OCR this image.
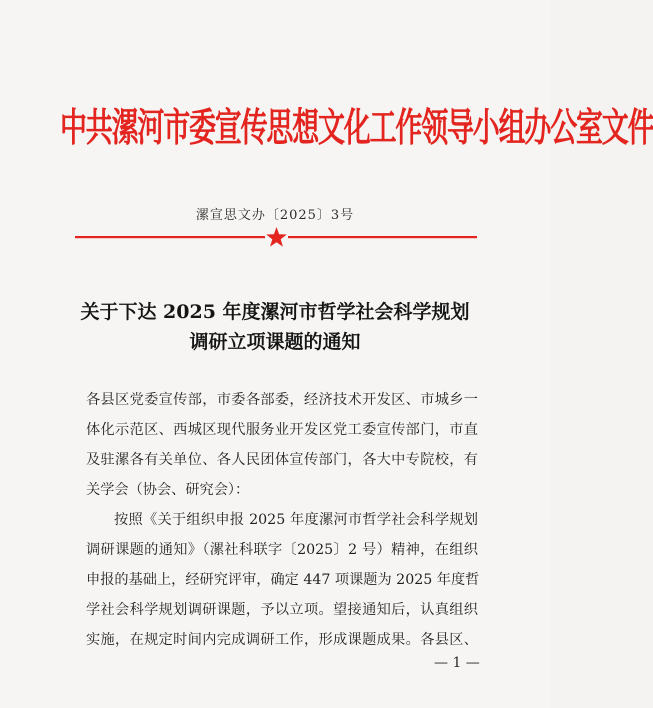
中共漯河市委宣传思想文化工作领导小组办公室文件
漯宣思文办〔2025〕3号
关于下达 2025 年度漯河市哲学社会科学规划
调研立项课题的通知
各县区党委宣传部，市委各部委，经济技术开发区、市城乡一
体化示范区、西城区现代服务业开发区党工委宣传部门，市直
及驻漯各有关单位、各人民团体宣传部门，各大中专院校，有
关学会（协会、研究会）：
按照《关于组织申报 2025 年度漯河市哲学社会科学规划
调研课题的通知》（漯社科联字〔2025〕2 号）精神，在组织
申报的基础上，经研究评审，确定 447 项课题为 2025 年度哲
学社会科学规划调研课题，予以立项。望接通知后，认真组织
实施，在规定时间内完成调研工作，形成课题成果。各县区、
— 1 —
